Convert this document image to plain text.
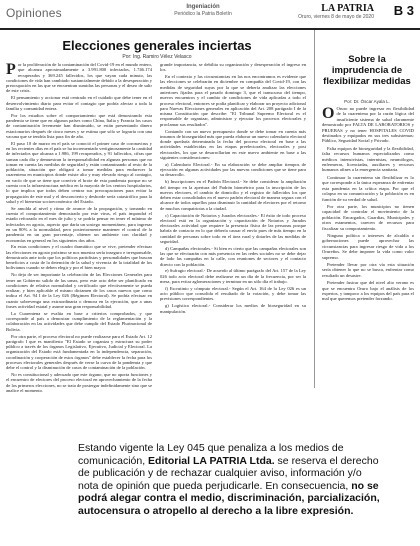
Opiniones	Ingeniación
Periódico la Patria Boletín	LA PATRIA
Oruro, viernes 8 de mayo de 2020 B 3
Elecciones generales inciertas
Por: Ing. Ramiro Vélez Velasco

Por la proliferación de la contaminación del Covid-19 en el mundo entero, que alcanza aproximadamente a 3.991.800 infectados, 1.746.174 recuperados y 369.245 fallecidos, los que vayan cada minuto, las condiciones de vida han cambiado sustancialmente debido a la desesperación y preocupación en las que se encuentran sumidas las personas y el deseo de salir de este crisis.

El pensamiento y accionar está centrado en el cuidado que debe tener en el desenvolvimiento diario para evitar el contagio que podría afectar a toda la familia y comunidad entera.

Por los estudios sobre el comportamiento que está demostrando esta pandemia se tiene que en algunos países como China, Italia y Francia los casos de contaminación levemente han disminuido, se están presentando dinero estacionarios después de cinco meses y se estima que sólo se lograría con una vacuna que se tendría lista para fin de año.

El paso 10 de marzo en el país se conoció el primer caso de coronavirus y en los recientes días en el país se ha incrementado vertiginosamente la cantidad de infectados que alcanza a 1.986, 199 recuperados, y 91 fallecidos, cifras que suman cada día y demuestran la irresponsabilidad en algunas personas que no toman en cuenta las medidas de seguridad y están contaminando al resto de la población, situación que obligará a tomar medidas para endurecer la cuarentena en municipios donde existe alto y muy elevado riesgo al contagio, en vacío de que se tiene que convivir el brote de esta pandemia porque no se cuenta con la infraestructura médica en la mayoría de los centros hospitalarios, lo que implica que todos deben centrar sus preocupaciones para evitar la propagación de este mal y el desconcierto y desborde sería catastrófico para la salud y el bienestar socioeconómico del Estado.

Se amolda al nivel y ritmo de avance de la propagación, y tomando en cuenta el comportamiento demostrado por este virus, el país impondrá el estado reforzado en el mes de julio y se podría pensar en tener el mínimo de infectados en agosto, aspecto que daría un sosiego momentáneo, para ingresar en un 80% a la normalidad, pero posteriormente mantener el control de la pandemia en un gran porcentaje, obtener un ambiente con claridad y economías en general en los siguientes dos años.

En estas condiciones y el cuadro dramático que se vive, pretender efectuar las elecciones en agosto próximo se nos muestra sería inseguro e irresponsable, demostraría ante todo que los políticos partidistas y personalidades que buscan beneficios a costa de la detención de la salud y vivencia de la totalidad de los bolivianos cuando se deben elegir y por el bien mayor.

No deja de ser importante la celebración de las Elecciones Generales para tener un Gobierno salido de las urnas, pero este acto debe ser planificado en condiciones de relativa normalidad y certificado que efectivamente se pueda realizar, y bien aplicable el mismo dictamen de los casos nuevos que como indica el Art. 94 I de la Ley 026 (Régimen Electoral). Se podría efectuar en cuanto sobrevenga una extraordinaria o demora en la ejecución, que a unas frases actividad estatal y asume una gran responsabilidad.

La Cuarentena se evalúa en base a criterios comprobados, y que corresponde al país a demostrar cumplimiento de la reglamentación y la colaboración en las actividades que debe cumplir del Estado Plurinacional de Bolivia.

Por otra parte, el proceso electoral no puede realizarse para el Estado Art. 12 parágrafo I que es manifiesto "El Estado se organiza y estructura su poder público a través de los órganos Legislativo, Ejecutivo, Judicial y Electoral. La organización del Estado está fundamentada en la independencia, separación, coordinación y cooperación de estos órganos" debe establecer la fecha para los procesos electorales generales después de verse la curva de la pandemia y que debe el control y la disminución de casos de contaminación de la población.

No es constitucional y adecuado que este órgano, que no aporta funciones y el encuentro de electores del proceso electoral en aprovechamiento de la fecha de los primeros elecciones, no se trata de postergar indefinidamente sino que se analice el momento.

grande importancia, se debilita su organización y desesperación el ingreso en los.

En el contexto y las circunstancias en las nos encontramos es evidente que las elecciones se celebrarán en diciembre en compañía del Covid-19, con las medidas de seguridad suyas por la que se debería analizar las elecciones anteriores fijadas para el pasado domingo 3, que el transcurso del tiempo, nuevos encuentros y el cambio de condiciones de vida aplicadas a todo el proceso electoral, entonces se podía planificar y elaborar un proyecto adicional para Nuevas Elecciones generales en aplicación del Art. 208 parágrafo I de la misma Constitución que describe: "El Tribunal Supremo Electoral es el responsable de organizar, administrar y ejecutar los procesos electorales y proclamar sus resultados".

Contando con un nuevo presupuesto donde se debe tomar en cuenta más insumos de bioseguridad más que pueda elaborar un nuevo calendario electoral donde quedaría determinada la fecha del proceso electoral en base a las actividades establecidas en las etapas preelectorales, electorales y post electorales, los que se desarrollarían en este nuevo ambiente en base a las siguientes consideraciones:

a) Calendario Electoral.- En su elaboración se debe ampliar tiempos de ejecución en algunas actividades por las nuevas condiciones que se tiene para su desarrollo.

b) Inscripciones en el Padrón Electoral.- Se debe considerar la ampliación del tiempo en la apertura del Padrón biométrico para la inscripción de los nuevos electores, el cambio de domicilio y el registro de fallecidos los que deben estar consolidados en el nuevo padrón electoral de manera segura con el alcance de todos aquellos para disminuir la cantidad de electores por el retorno de muchos compatriotas a la ciudad.

c) Capacitación de Notarios y Jurados electorales.- El éxito de todo proceso electoral está en la organización y capacitación de Notarios y Jurados electorales actividad que requiere la presencia física de las personas porque habría de contacto en lo que debería causar el envío pues de más tiempo en la cantidad de personas sobre todo en el área rural y dotarles de las medidas de seguridad.

d) Campañas electorales.- Si bien es cierto que las campañas electorales son las que se efectuarán con más presencia en las redes sociales no se debe dejar de lado las campañas en la calle, con reuniones de sectores y el contacto directo con la población.

e) Sufragio electoral.- De acuerdo al último parágrafo del Art. 157 de la Ley 026 todo acto electoral debe realizarse en un día de la frecuencia, por ser la mesa, para evitar aglomeraciones y terminar en un sólo día el trabajo.

f) Escrutinio y cómputo electoral.- Según el Art. 164 de la Ley 026 es un acto público que consolida el resultado de la votación, y debe tomar las previsiones correspondientes.

g) Logística electoral.- Considerar los medios de bioseguridad en su manipulación.

Sobre la imprudencia de flexibilizar medidas
Por: Dr. Óscar Ayala L.

O Oruro no puede ingresar en flexibilidad de la cuarentena por la razón lógica del insuficiente sistema de salud claramente demostrado por FALTA DE LABORATORIOS y PRUEBAS y no tener HOSPITALES COVID destinados y equipados en sus tres subsistemas: Público, Seguridad Social y Privado.

Falta equipos de bioseguridad y la flexibilidad, falta recursos humanos especializados como médicos intensivistas, internistas, neumólogos, enfermeras, licenciadas, auxiliares y recursos humanos afines a la emergencia sanitaria.

Continuar la cuarentena sin flexibilizar es lo que corresponde a la única esperanza de enfrentar esta pandemia en la crítica etapa. Por que el colapso en su comunicación y la población es en función de su verdad de salud.

Por otra parte, los municipios no tienen capacidad de controlar el movimiento de la población. Encargados, Guardias, Municipales y otros estamentos, carecen de recursos para fiscalizar su comportamiento.

Ninguna política o intereses de alcaldía o gobernaciones puede aprovechar las circunstancias para ingresar riesgo de vida a los Orureños. Se debe imponer la vida como valor supremo.

Pretender llevar por otra vía esta situación sería obtener lo que no se busca, enfrentar como resultado un desastre.

Pretender fustrar que del nivel alto verano es que se encuentra Oruro bajo el análisis de los expertos, y tampoco a los equipos del país para el mal que queremos pretender forzando.

Estando vigente la Ley 045 que penaliza a los medios de comunicación, Editorial LA PATRIA Ltda. se reserva el derecho de publicación y de rechazar cualquier aviso, información y/o nota de opinión que pueda perjudicarle. En consecuencia, no se podrá alegar contra el medio, discriminación, parcialización, autocensura o atropello al derecho a la libre expresión.
